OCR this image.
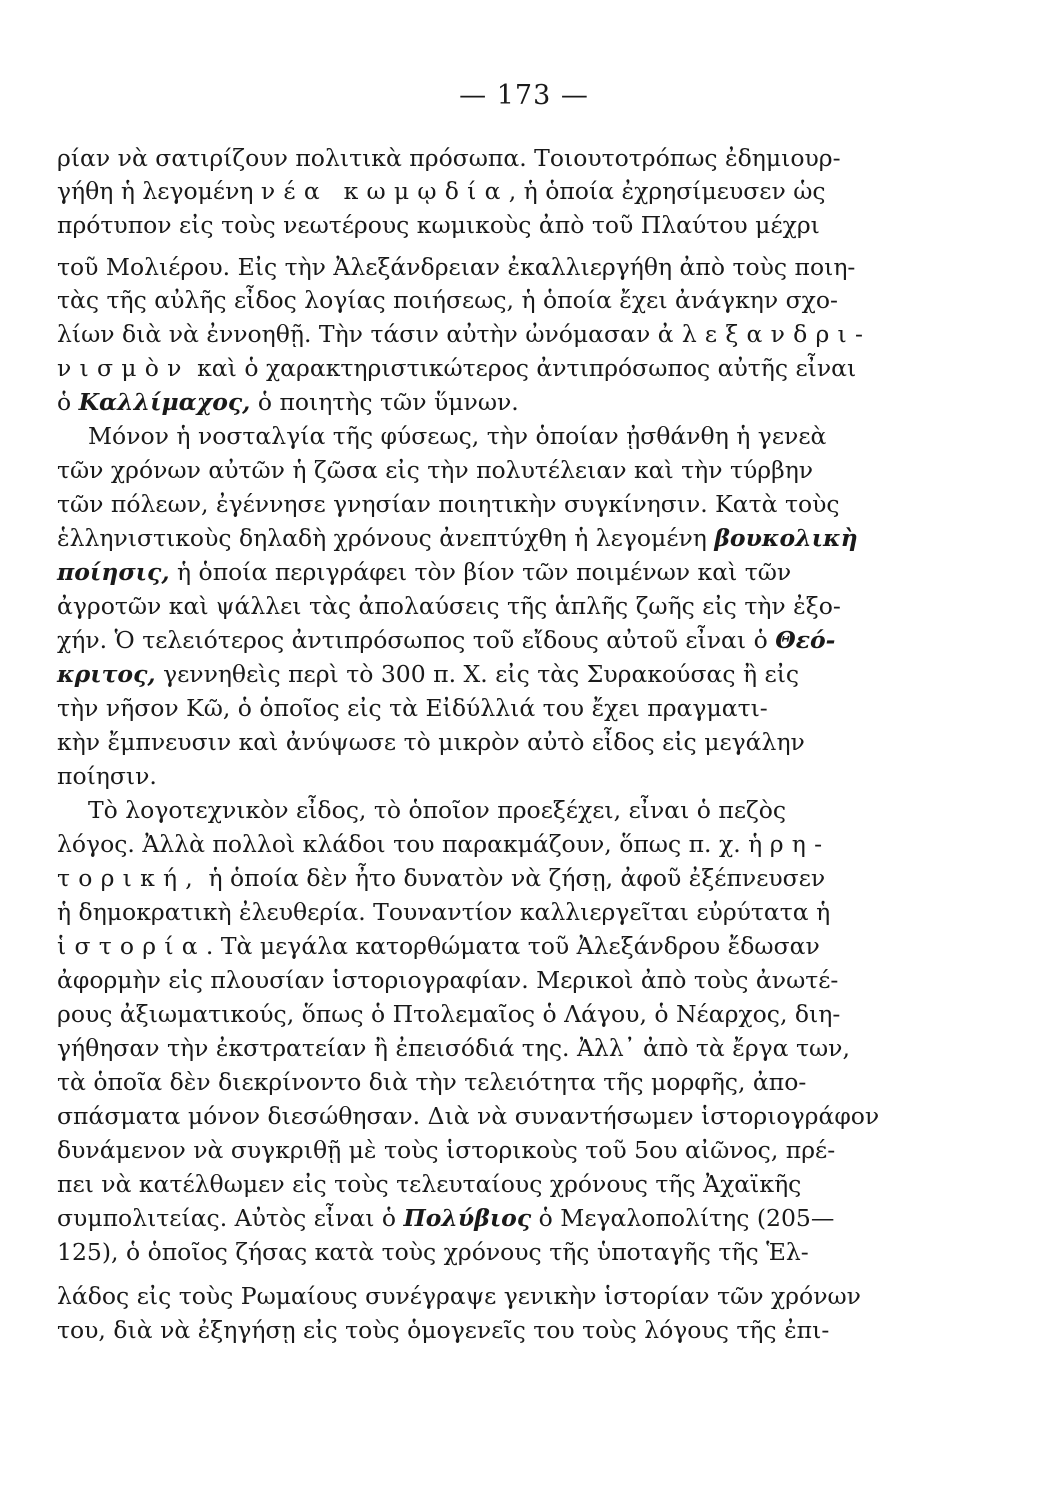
— 173 —
ρίαν νὰ σατιρίζουν πολιτικὰ πρόσωπα. Τοιουτοτρόπως ἐδημιουρ-
γήθη ἡ λεγομένη νέα κωμῳδία, ἡ ὁποία ἐχρησίμευσεν ὡς
πρότυπον εἰς τοὺς νεωτέρους κωμικοὺς ἀπὸ τοῦ Πλαύτου μέχρι
τοῦ Μολιέρου. Εἰς τὴν Ἀλεξάνδρειαν ἐκαλλιεργήθη ἀπὸ τοὺς ποιη-
τὰς τῆς αὐλῆς εἶδος λογίας ποιήσεως, ἡ ὁποία ἔχει ἀνάγκην σχο-
λίων διὰ νὰ ἐννοηθῇ. Τὴν τάσιν αὐτὴν ὠνόμασαν ἀλεξανδρι-
νισμὸν καὶ ὁ χαρακτηριστικώτερος ἀντιπρόσωπος αὐτῆς εἶναι
ὁ Καλλίμαχος, ὁ ποιητὴς τῶν ὕμνων.
Μόνον ἡ νοσταλγία τῆς φύσεως, τὴν ὁποίαν ᾐσθάνθη ἡ γενεὰ
τῶν χρόνων αὐτῶν ἡ ζῶσα εἰς τὴν πολυτέλειαν καὶ τὴν τύρβην
τῶν πόλεων, ἐγέννησε γνησίαν ποιητικὴν συγκίνησιν. Κατὰ τοὺς
ἑλληνιστικοὺς δηλαδὴ χρόνους ἀνεπτύχθη ἡ λεγομένη βουκολικὴ
ποίησις, ἡ ὁποία περιγράφει τὸν βίον τῶν ποιμένων καὶ τῶν
ἀγροτῶν καὶ ψάλλει τὰς ἀπολαύσεις τῆς ἁπλῆς ζωῆς εἰς τὴν ἐξο-
χήν. Ὁ τελειότερος ἀντιπρόσωπος τοῦ εἴδους αὐτοῦ εἶναι ὁ Θεό-
κριτος, γεννηθεὶς περὶ τὸ 300 π. Χ. εἰς τὰς Συρακούσας ἢ εἰς
τὴν νῆσον Κῶ, ὁ ὁποῖος εἰς τὰ Εἰδύλλιά του ἔχει πραγματι-
κὴν ἔμπνευσιν καὶ ἀνύψωσε τὸ μικρὸν αὐτὸ εἶδος εἰς μεγάλην
ποίησιν.
Τὸ λογοτεχνικὸν εἶδος, τὸ ὁποῖον προεξέχει, εἶναι ὁ πεζὸς
λόγος. Ἀλλὰ πολλοὶ κλάδοι του παρακμάζουν, ὅπως π. χ. ἡ ρη-
τορική, ἡ ὁποία δὲν ἦτο δυνατὸν νὰ ζήσῃ, ἀφοῦ ἐξέπνευσεν
ἡ δημοκρατικὴ ἐλευθερία. Τουναντίον καλλιεργεῖται εὐρύτατα ἡ
ἱστορία. Τὰ μεγάλα κατορθώματα τοῦ Ἀλεξάνδρου ἔδωσαν
ἀφορμὴν εἰς πλουσίαν ἱστοριογραφίαν. Μερικοὶ ἀπὸ τοὺς ἀνωτέ-
ρους ἀξιωματικούς, ὅπως ὁ Πτολεμαῖος ὁ Λάγου, ὁ Νέαρχος, διη-
γήθησαν τὴν ἐκστρατείαν ἢ ἐπεισόδιά της. Ἀλλ᾽ ἀπὸ τὰ ἔργα των,
τὰ ὁποῖα δὲν διεκρίνοντο διὰ τὴν τελειότητα τῆς μορφῆς, ἀπο-
σπάσματα μόνον διεσώθησαν. Διὰ νὰ συναντήσωμεν ἱστοριογράφον
δυνάμενον νὰ συγκριθῇ μὲ τοὺς ἱστορικοὺς τοῦ 5ου αἰῶνος, πρέ-
πει νὰ κατέλθωμεν εἰς τοὺς τελευταίους χρόνους τῆς Ἀχαϊκῆς
συμπολιτείας. Αὐτὸς εἶναι ὁ Πολύβιος ὁ Μεγαλοπολίτης (205—
125), ὁ ὁποῖος ζήσας κατὰ τοὺς χρόνους τῆς ὑποταγῆς τῆς Ἑλ-
λάδος εἰς τοὺς Ρωμαίους συνέγραψε γενικὴν ἱστορίαν τῶν χρόνων
του, διὰ νὰ ἐξηγήσῃ εἰς τοὺς ὁμογενεῖς του τοὺς λόγους τῆς ἐπι-
